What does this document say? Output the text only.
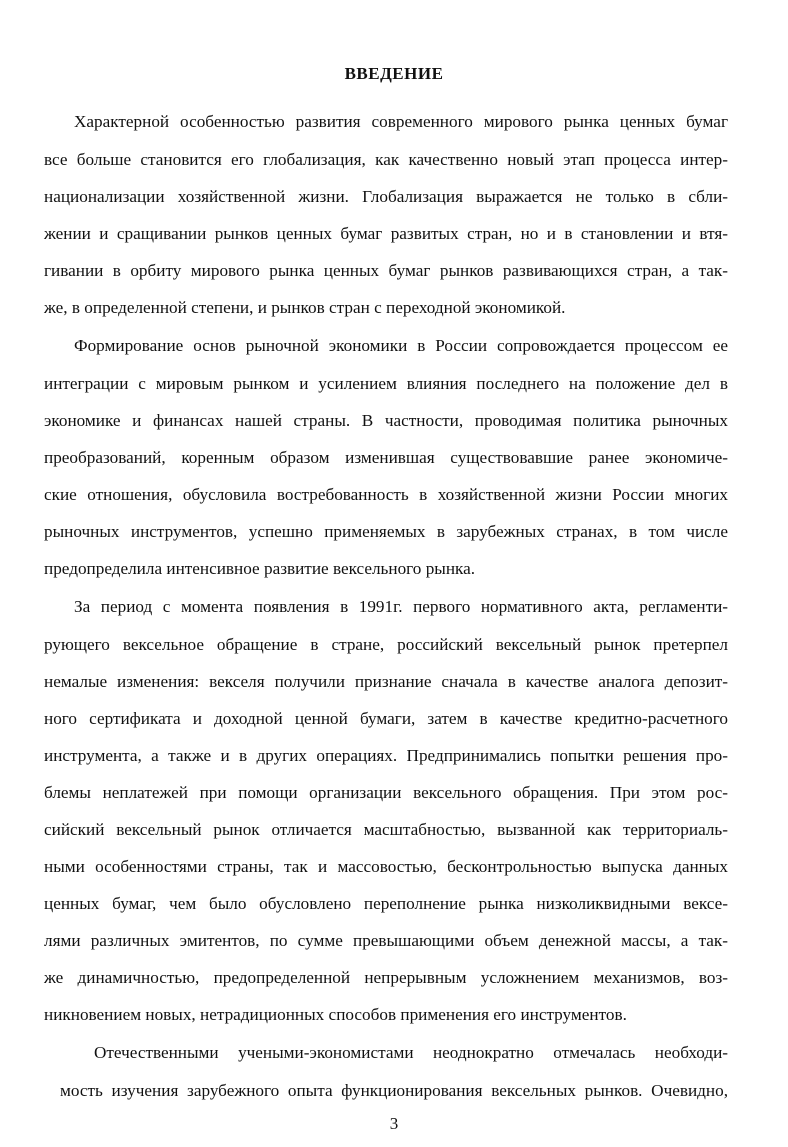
ВВЕДЕНИЕ
Характерной особенностью развития современного мирового рынка ценных бумаг
все больше становится его глобализация, как качественно новый этап процесса интер-
национализации хозяйственной жизни. Глобализация выражается не только в сбли-
жении и сращивании рынков ценных бумаг развитых стран, но и в становлении и втя-
гивании в орбиту мирового рынка ценных бумаг рынков развивающихся стран, а так-
же, в определенной степени, и рынков стран с переходной экономикой.
Формирование основ рыночной экономики в России сопровождается процессом ее
интеграции с мировым рынком и усилением влияния последнего на положение дел в
экономике и финансах нашей страны. В частности, проводимая политика рыночных
преобразований, коренным образом изменившая существовавшие ранее экономиче-
ские отношения, обусловила востребованность в хозяйственной жизни России многих
рыночных инструментов, успешно применяемых в зарубежных странах, в том числе
предопределила интенсивное развитие вексельного рынка.
За период с момента появления в 1991г. первого нормативного акта, регламенти-
рующего вексельное обращение в стране, российский вексельный рынок претерпел
немалые изменения: векселя получили признание сначала в качестве аналога депозит-
ного сертификата и доходной ценной бумаги, затем в качестве кредитно-расчетного
инструмента, а также и в других операциях. Предпринимались попытки решения про-
блемы неплатежей при помощи организации вексельного обращения. При этом рос-
сийский вексельный рынок отличается масштабностью, вызванной как территориаль-
ными особенностями страны, так и массовостью, бесконтрольностью выпуска данных
ценных бумаг, чем было обусловлено переполнение рынка низколиквидными вексе-
лями различных эмитентов, по сумме превышающими объем денежной массы, а так-
же динамичностью, предопределенной непрерывным усложнением механизмов, воз-
никновением новых, нетрадиционных способов применения его инструментов.
Отечественными учеными-экономистами неоднократно отмечалась необходи-
мость изучения зарубежного опыта функционирования вексельных рынков. Очевидно,
3
